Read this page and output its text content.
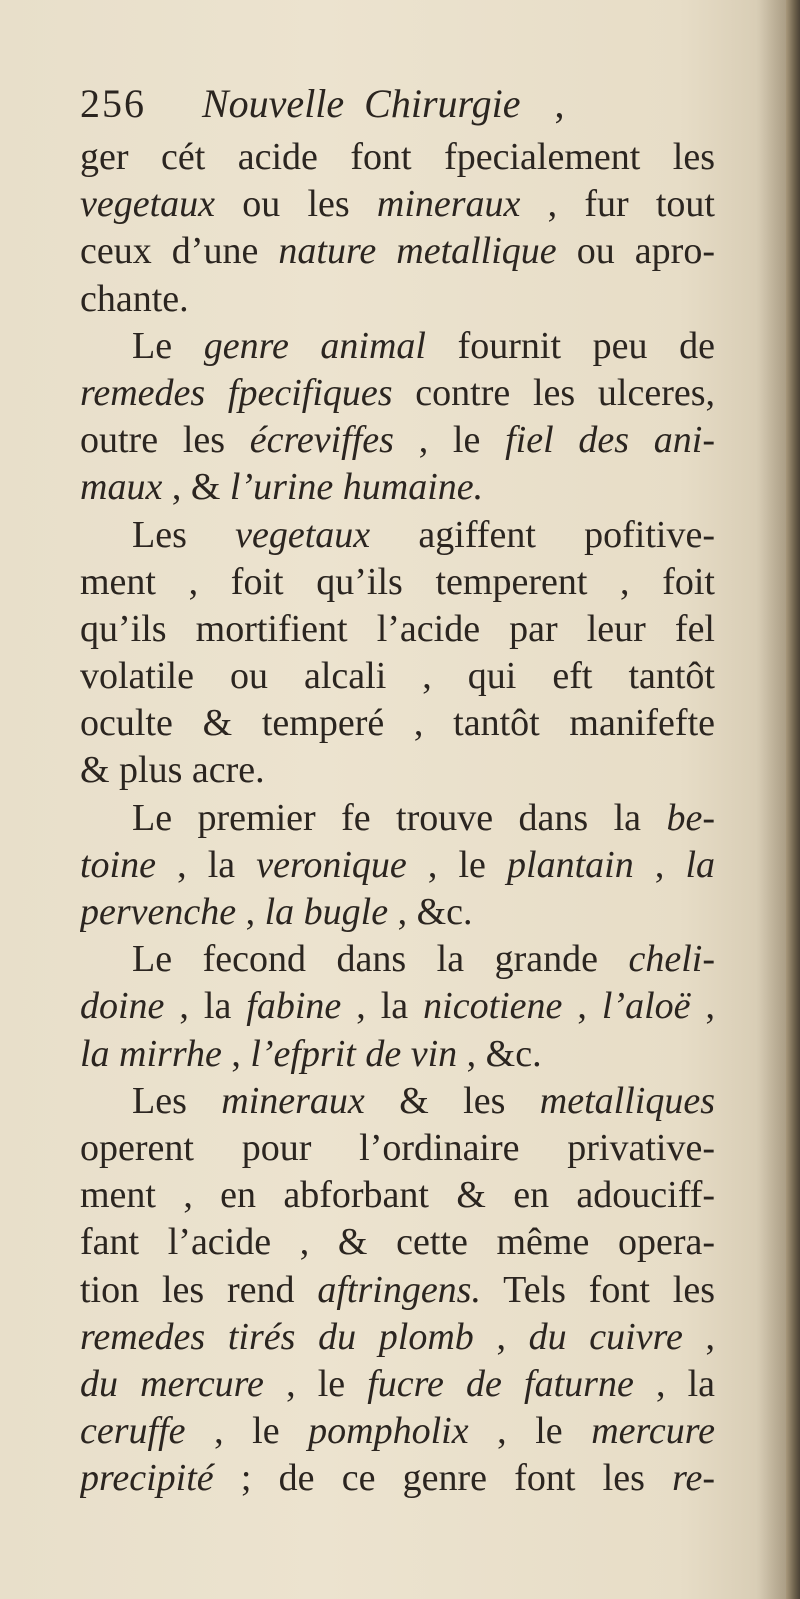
256 Nouvelle Chirurgie ,
ger cét acide font fpecialement les
vegetaux ou les mineraux , fur tout
ceux d’une nature metallique ou apro-
chante.
Le genre animal fournit peu de
remedes fpecifiques contre les ulceres,
outre les écreviffes , le fiel des ani-
maux , & l’urine humaine.
Les vegetaux agiffent pofitive-
ment , foit qu’ils temperent , foit
qu’ils mortifient l’acide par leur fel
volatile ou alcali , qui eft tantôt
oculte & temperé , tantôt manifefte
& plus acre.
Le premier fe trouve dans la be-
toine , la veronique , le plantain , la
pervenche , la bugle , &c.
Le fecond dans la grande cheli-
doine , la fabine , la nicotiene , l’aloë ,
la mirrhe , l’efprit de vin , &c.
Les mineraux & les metalliques
operent pour l’ordinaire privative-
ment , en abforbant & en adouciff-
fant l’acide , & cette même opera-
tion les rend aftringens. Tels font les
remedes tirés du plomb , du cuivre ,
du mercure , le fucre de faturne , la
ceruffe , le pompholix , le mercure
precipité ; de ce genre font les re-
